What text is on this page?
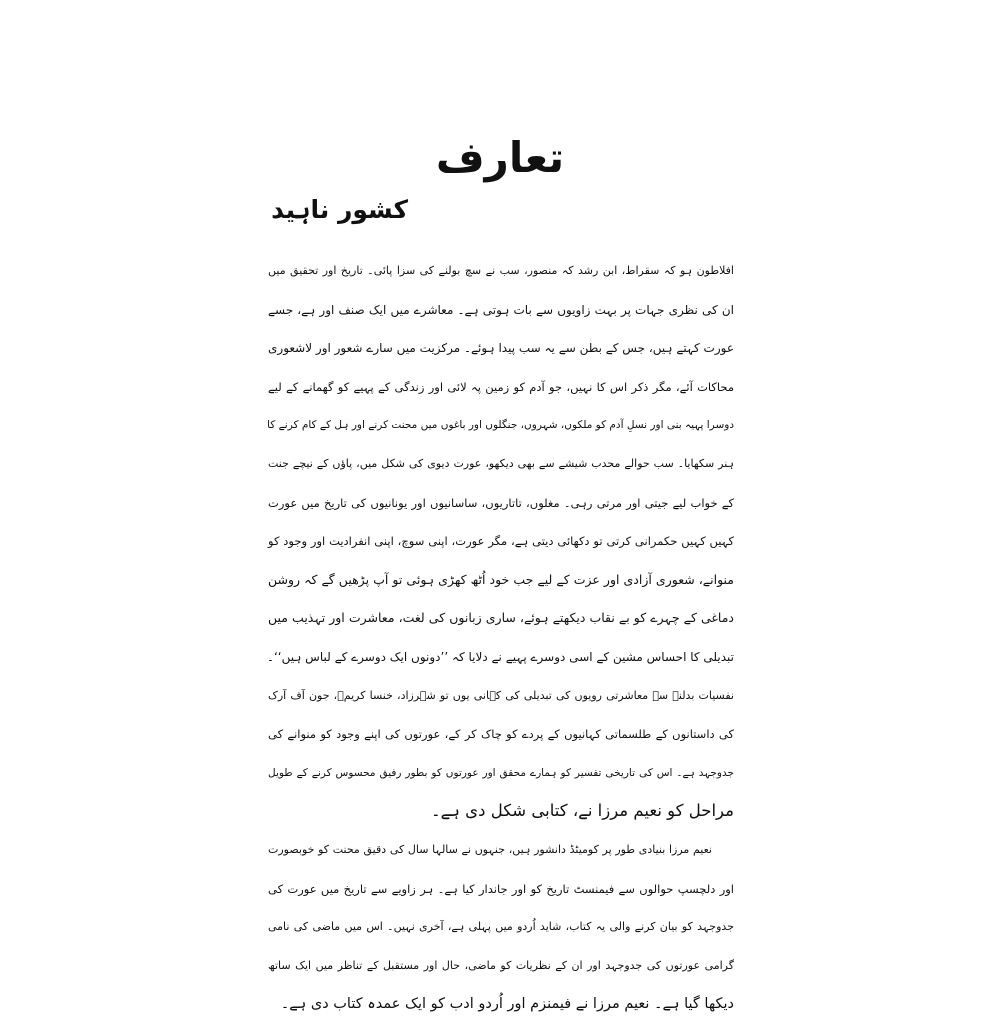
تعارف
کشور ناہید
افلاطون ہو کہ سقراط، ابن رشد کہ منصور، سب نے سچ بولنے کی سزا پائی۔ تاریخ اور تحقیق میں
ان کی نظری جہات پر بہت زاویوں سے بات ہوتی ہے۔ معاشرے میں ایک صنف اور ہے، جسے
عورت کہتے ہیں، جس کے بطن سے یہ سب پیدا ہوئے۔ مرکزیت میں سارے شعور اور لاشعوری
محاکات آئے، مگر ذکر اس کا نہیں، جو آدم کو زمین پہ لائی اور زندگی کے پہیے کو گھمانے کے لیے
دوسرا پہیہ بنی اور نسلِ آدم کو ملکوں، شہروں، جنگلوں اور باغوں میں محنت کرنے اور ہل کے کام کرنے کا
ہنر سکھایا۔ سب حوالے محدب شیشے سے بھی دیکھو، عورت دیوی کی شکل میں، پاؤں کے نیچے جنت
کے خواب لیے جیتی اور مرتی رہی۔ مغلوں، تاتاریوں، ساسانیوں اور یونانیوں کی تاریخ میں عورت
کہیں کہیں حکمرانی کرتی تو دکھائی دیتی ہے، مگر عورت، اپنی سوچ، اپنی انفرادیت اور وجود کو
منوانے، شعوری آزادی اور عزت کے لیے جب خود اُٹھ کھڑی ہوئی تو آپ پڑھیں گے کہ روشن
دماغی کے چہرے کو بے نقاب دیکھتے ہوئے، ساری زبانوں کی لغت، معاشرت اور تہذیب میں
تبدیلی کا احساس مشین کے اسی دوسرے پہیے نے دلایا کہ ’’دونوں ایک دوسرے کے لباس ہیں‘‘۔
نفسیات بدلنے سے معاشرتی رویوں کی تبدیلی کی کہانی یوں تو شہرزاد، خنسا کریمؒ، جون آف آرک
کی داستانوں کے طلسماتی کہانیوں کے پردے کو چاک کر کے، عورتوں کی اپنے وجود کو منوانے کی
جدوجہد ہے۔ اس کی تاریخی تفسیر کو ہمارے محقق اور عورتوں کو بطور رفیق محسوس کرنے کے طویل
مراحل کو نعیم مرزا نے، کتابی شکل دی ہے۔
نعیم مرزا بنیادی طور پر کومیٹڈ دانشور ہیں، جنہوں نے سالہا سال کی دقیق محنت کو خوبصورت
اور دلچسپ حوالوں سے فیمنسٹ تاریخ کو اور جاندار کیا ہے۔ ہر زاویے سے تاریخ میں عورت کی
جدوجہد کو بیان کرنے والی یہ کتاب، شاید اُردو میں پہلی ہے، آخری نہیں۔ اس میں ماضی کی نامی
گرامی عورتوں کی جدوجہد اور ان کے نظریات کو ماضی، حال اور مستقبل کے تناظر میں ایک ساتھ
دیکھا گیا ہے۔ نعیم مرزا نے فیمنزم اور اُردو ادب کو ایک عمدہ کتاب دی ہے۔
